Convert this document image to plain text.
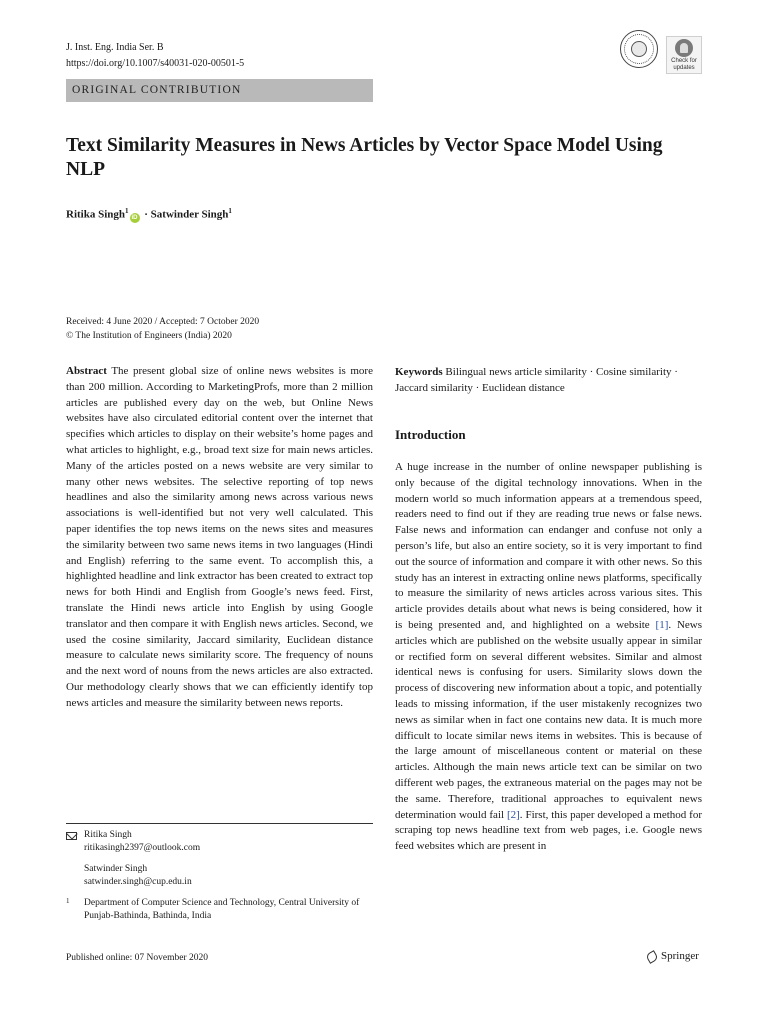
J. Inst. Eng. India Ser. B
https://doi.org/10.1007/s40031-020-00501-5	Check for updates
ORIGINAL CONTRIBUTION
Text Similarity Measures in News Articles by Vector Space Model Using NLP
Ritika Singh$^1$iD · Satwinder Singh$^1$
Received: 4 June 2020 / Accepted: 7 October 2020
© The Institution of Engineers (India) 2020
Abstract The present global size of online news websites is more than 200 million. According to MarketingProfs, more than 2 million articles are published every day on the web, but Online News websites have also circulated editorial content over the internet that specifies which articles to display on their website’s home pages and what articles to highlight, e.g., broad text size for main news articles. Many of the articles posted on a news website are very similar to many other news websites. The selective reporting of top news headlines and also the similarity among news across various news associations is well-identified but not very well calculated. This paper identifies the top news items on the news sites and measures the similarity between two same news items in two languages (Hindi and English) referring to the same event. To accomplish this, a highlighted headline and link extractor has been created to extract top news for both Hindi and English from Google’s news feed. First, translate the Hindi news article into English by using Google translator and then compare it with English news articles. Second, we used the cosine similarity, Jaccard similarity, Euclidean distance measure to calculate news similarity score. The frequency of nouns and the next word of nouns from the news articles are also extracted. Our methodology clearly shows that we can efficiently identify top news articles and measure the similarity between news reports.
Ritika Singh
ritikasingh2397@outlook.com
Satwinder Singh
satwinder.singh@cup.edu.in
1 Department of Computer Science and Technology, Central University of Punjab-Bathinda, Bathinda, India
Keywords Bilingual news article similarity · Cosine similarity · Jaccard similarity · Euclidean distance
Introduction
A huge increase in the number of online newspaper publishing is only because of the digital technology innovations. When in the modern world so much information appears at a tremendous speed, readers need to find out if they are reading true news or false news. False news and information can endanger and confuse not only a person’s life, but also an entire society, so it is very important to find out the source of information and compare it with other news. So this study has an interest in extracting online news platforms, specifically to measure the similarity of news articles across various sites. This article provides details about what news is being considered, how it is being presented and, and highlighted on a website [1]. News articles which are published on the website usually appear in similar or rectified form on several different websites. Similar and almost identical news is confusing for users. Similarity slows down the process of discovering new information about a topic, and potentially leads to missing information, if the user mistakenly recognizes two news as similar when in fact one contains new data. It is much more difficult to locate similar news items in websites. This is because of the large amount of miscellaneous content or material on these articles. Although the main news article text can be similar on two different web pages, the extraneous material on the pages may not be the same. Therefore, traditional approaches to equivalent news determination would fail [2]. First, this paper developed a method for scraping top news headline text from web pages, i.e. Google news feed websites which are present in
Published online: 07 November 2020	Springer
